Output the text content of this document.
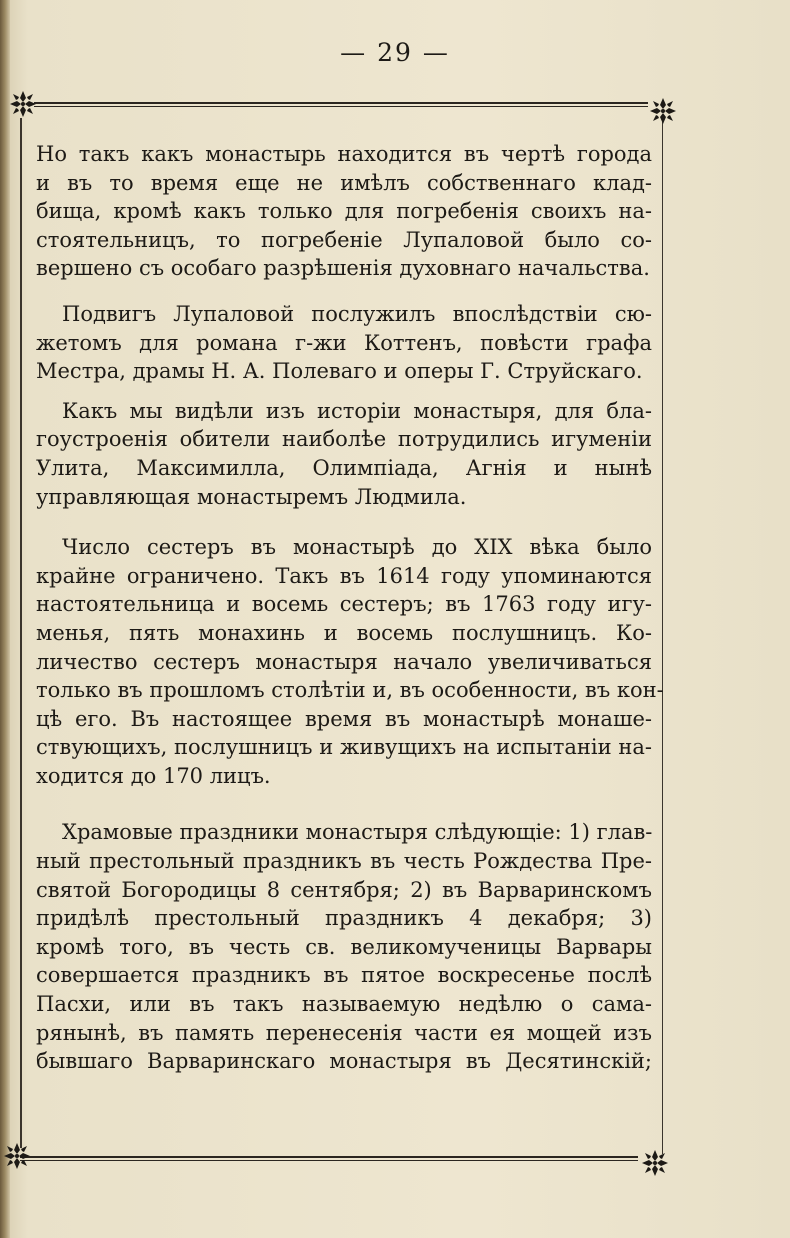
— 29 —

Но такъ какъ монастырь находится въ чертѣ города
и въ то время еще не имѣлъ собственнаго клад-
бища, кромѣ какъ только для погребенія своихъ на-
стоятельницъ, то погребеніе Лупаловой было со-
вершено съ особаго разрѣшенія духовнаго начальства.

Подвигъ Лупаловой послужилъ впослѣдствіи сю-
жетомъ для романа г-жи Коттенъ, повѣсти графа
Местра, драмы Н. А. Полеваго и оперы Г. Струйскаго.

Какъ мы видѣли изъ исторіи монастыря, для бла-
гоустроенія обители наиболѣе потрудились игуменіи
Улита, Максимилла, Олимпіада, Агнія и нынѣ
управляющая монастыремъ Людмила.

Число сестеръ въ монастырѣ до XIX вѣка было
крайне ограничено. Такъ въ 1614 году упоминаются
настоятельница и восемь сестеръ; въ 1763 году игу-
менья, пять монахинь и восемь послушницъ. Ко-
личество сестеръ монастыря начало увеличиваться
только въ прошломъ столѣтіи и, въ особенности, въ кон-
цѣ его. Въ настоящее время въ монастырѣ монаше-
ствующихъ, послушницъ и живущихъ на испытаніи на-
ходится до 170 лицъ.

Храмовые праздники монастыря слѣдующіе: 1) глав-
ный престольный праздникъ въ честь Рождества Пре-
святой Богородицы 8 сентября; 2) въ Варваринскомъ
придѣлѣ престольный праздникъ 4 декабря; 3)
кромѣ того, въ честь св. великомученицы Варвары
совершается праздникъ въ пятое воскресенье послѣ
Пасхи, или въ такъ называемую недѣлю о сама-
рянынѣ, въ память перенесенія части ея мощей изъ
бывшаго Варваринскаго монастыря въ Десятинскій;
